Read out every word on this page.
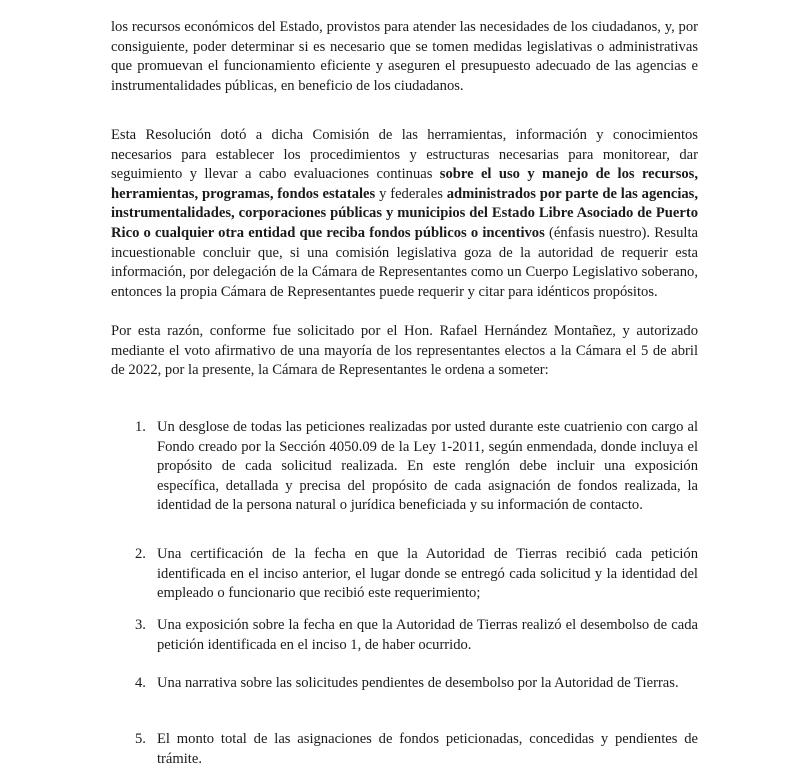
los recursos económicos del Estado, provistos para atender las necesidades de los ciudadanos, y, por consiguiente, poder determinar si es necesario que se tomen medidas legislativas o administrativas que promuevan el funcionamiento eficiente y aseguren el presupuesto adecuado de las agencias e instrumentalidades públicas, en beneficio de los ciudadanos.

Esta Resolución dotó a dicha Comisión de las herramientas, información y conocimientos necesarios para establecer los procedimientos y estructuras necesarias para monitorear, dar seguimiento y llevar a cabo evaluaciones continuas sobre el uso y manejo de los recursos, herramientas, programas, fondos estatales y federales administrados por parte de las agencias, instrumentalidades, corporaciones públicas y municipios del Estado Libre Asociado de Puerto Rico o cualquier otra entidad que reciba fondos públicos o incentivos (énfasis nuestro). Resulta incuestionable concluir que, si una comisión legislativa goza de la autoridad de requerir esta información, por delegación de la Cámara de Representantes como un Cuerpo Legislativo soberano, entonces la propia Cámara de Representantes puede requerir y citar para idénticos propósitos.

Por esta razón, conforme fue solicitado por el Hon. Rafael Hernández Montañez, y autorizado mediante el voto afirmativo de una mayoría de los representantes electos a la Cámara el 5 de abril de 2022, por la presente, la Cámara de Representantes le ordena a someter:

1. Un desglose de todas las peticiones realizadas por usted durante este cuatrienio con cargo al Fondo creado por la Sección 4050.09 de la Ley 1-2011, según enmendada, donde incluya el propósito de cada solicitud realizada. En este renglón debe incluir una exposición específica, detallada y precisa del propósito de cada asignación de fondos realizada, la identidad de la persona natural o jurídica beneficiada y su información de contacto.
2. Una certificación de la fecha en que la Autoridad de Tierras recibió cada petición identificada en el inciso anterior, el lugar donde se entregó cada solicitud y la identidad del empleado o funcionario que recibió este requerimiento;
3. Una exposición sobre la fecha en que la Autoridad de Tierras realizó el desembolso de cada petición identificada en el inciso 1, de haber ocurrido.
4. Una narrativa sobre las solicitudes pendientes de desembolso por la Autoridad de Tierras.
5. El monto total de las asignaciones de fondos peticionadas, concedidas y pendientes de trámite.
